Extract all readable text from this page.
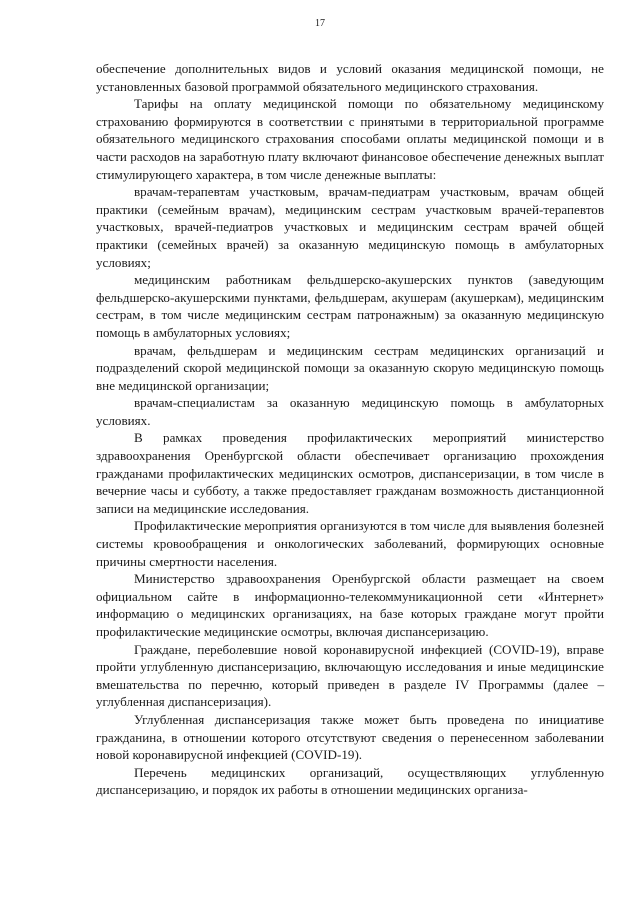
17

обеспечение дополнительных видов и условий оказания медицинской помощи, не установленных базовой программой обязательного медицинского страхования.

Тарифы на оплату медицинской помощи по обязательному медицинскому страхованию формируются в соответствии с принятыми в территориальной программе обязательного медицинского страхования способами оплаты медицинской помощи и в части расходов на заработную плату включают финансовое обеспечение денежных выплат стимулирующего характера, в том числе денежные выплаты:

врачам-терапевтам участковым, врачам-педиатрам участковым, врачам общей практики (семейным врачам), медицинским сестрам участковым врачей-терапевтов участковых, врачей-педиатров участковых и медицинским сестрам врачей общей практики (семейных врачей) за оказанную медицинскую помощь в амбулаторных условиях;

медицинским работникам фельдшерско-акушерских пунктов (заведующим фельдшерско-акушерскими пунктами, фельдшерам, акушерам (акушеркам), медицинским сестрам, в том числе медицинским сестрам патронажным) за оказанную медицинскую помощь в амбулаторных условиях;

врачам, фельдшерам и медицинским сестрам медицинских организаций и подразделений скорой медицинской помощи за оказанную скорую медицинскую помощь вне медицинской организации;

врачам-специалистам за оказанную медицинскую помощь в амбулаторных условиях.

В рамках проведения профилактических мероприятий министерство здравоохранения Оренбургской области обеспечивает организацию прохождения гражданами профилактических медицинских осмотров, диспансеризации, в том числе в вечерние часы и субботу, а также предоставляет гражданам возможность дистанционной записи на медицинские исследования.

Профилактические мероприятия организуются в том числе для выявления болезней системы кровообращения и онкологических заболеваний, формирующих основные причины смертности населения.

Министерство здравоохранения Оренбургской области размещает на своем официальном сайте в информационно-телекоммуникационной сети «Интернет» информацию о медицинских организациях, на базе которых граждане могут пройти профилактические медицинские осмотры, включая диспансеризацию.

Граждане, переболевшие новой коронавирусной инфекцией (COVID-19), вправе пройти углубленную диспансеризацию, включающую исследования и иные медицинские вмешательства по перечню, который приведен в разделе IV Программы (далее – углубленная диспансеризация).

Углубленная диспансеризация также может быть проведена по инициативе гражданина, в отношении которого отсутствуют сведения о перенесенном заболевании новой коронавирусной инфекцией (COVID-19).

Перечень медицинских организаций, осуществляющих углубленную диспансеризацию, и порядок их работы в отношении медицинских организа-
